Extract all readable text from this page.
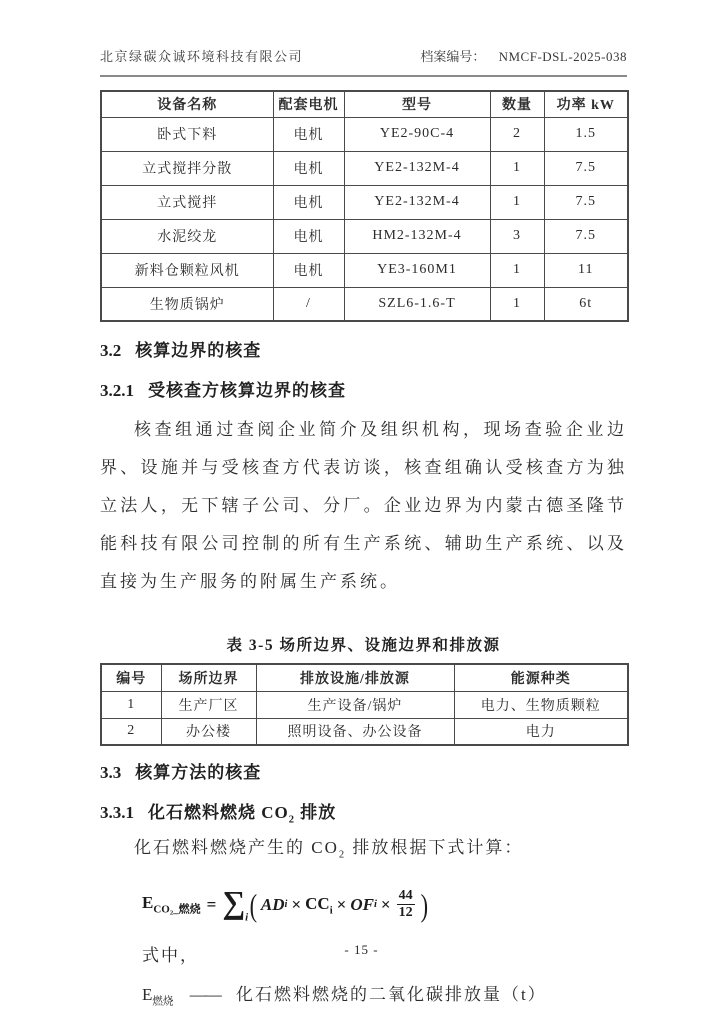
北京绿碳众诚环境科技有限公司	档案编号： NMCF-DSL-2025-038
设备名称	配套电机	型号	数量	功率 kW
卧式下料	电机	YE2-90C-4	2	1.5
立式搅拌分散	电机	YE2-132M-4	1	7.5
立式搅拌	电机	YE2-132M-4	1	7.5
水泥绞龙	电机	HM2-132M-4	3	7.5
新料仓颗粒风机	电机	YE3-160M1	1	11
生物质锅炉	/	SZL6-1.6-T	1	6t
3.2 核算边界的核查
3.2.1 受核查方核算边界的核查

核查组通过查阅企业简介及组织机构，现场查验企业边界、设施并与受核查方代表访谈，核查组确认受核查方为独立法人，无下辖子公司、分厂。企业边界为内蒙古德圣隆节能科技有限公司控制的所有生产系统、辅助生产系统、以及直接为生产服务的附属生产系统。

表 3-5 场所边界、设施边界和排放源
编号	场所边界	排放设施/排放源	能源种类
1	生产厂区	生产设备/锅炉	电力、生物质颗粒
2	办公楼	照明设备、办公设备	电力
3.3 核算方法的核查
3.3.1 化石燃料燃烧 $CO_2$ 排放

化石燃料燃烧产生的 $CO_2$ 排放根据下式计算：

$E_{CO_2\_燃烧} = \sum_i$ ( AD $i \times CC_i$ × OF $i \times \frac{44}{12}$ )
式中，
$E_{燃烧}$ —— 化石燃料燃烧的二氧化碳排放量（t）
- 15 -
